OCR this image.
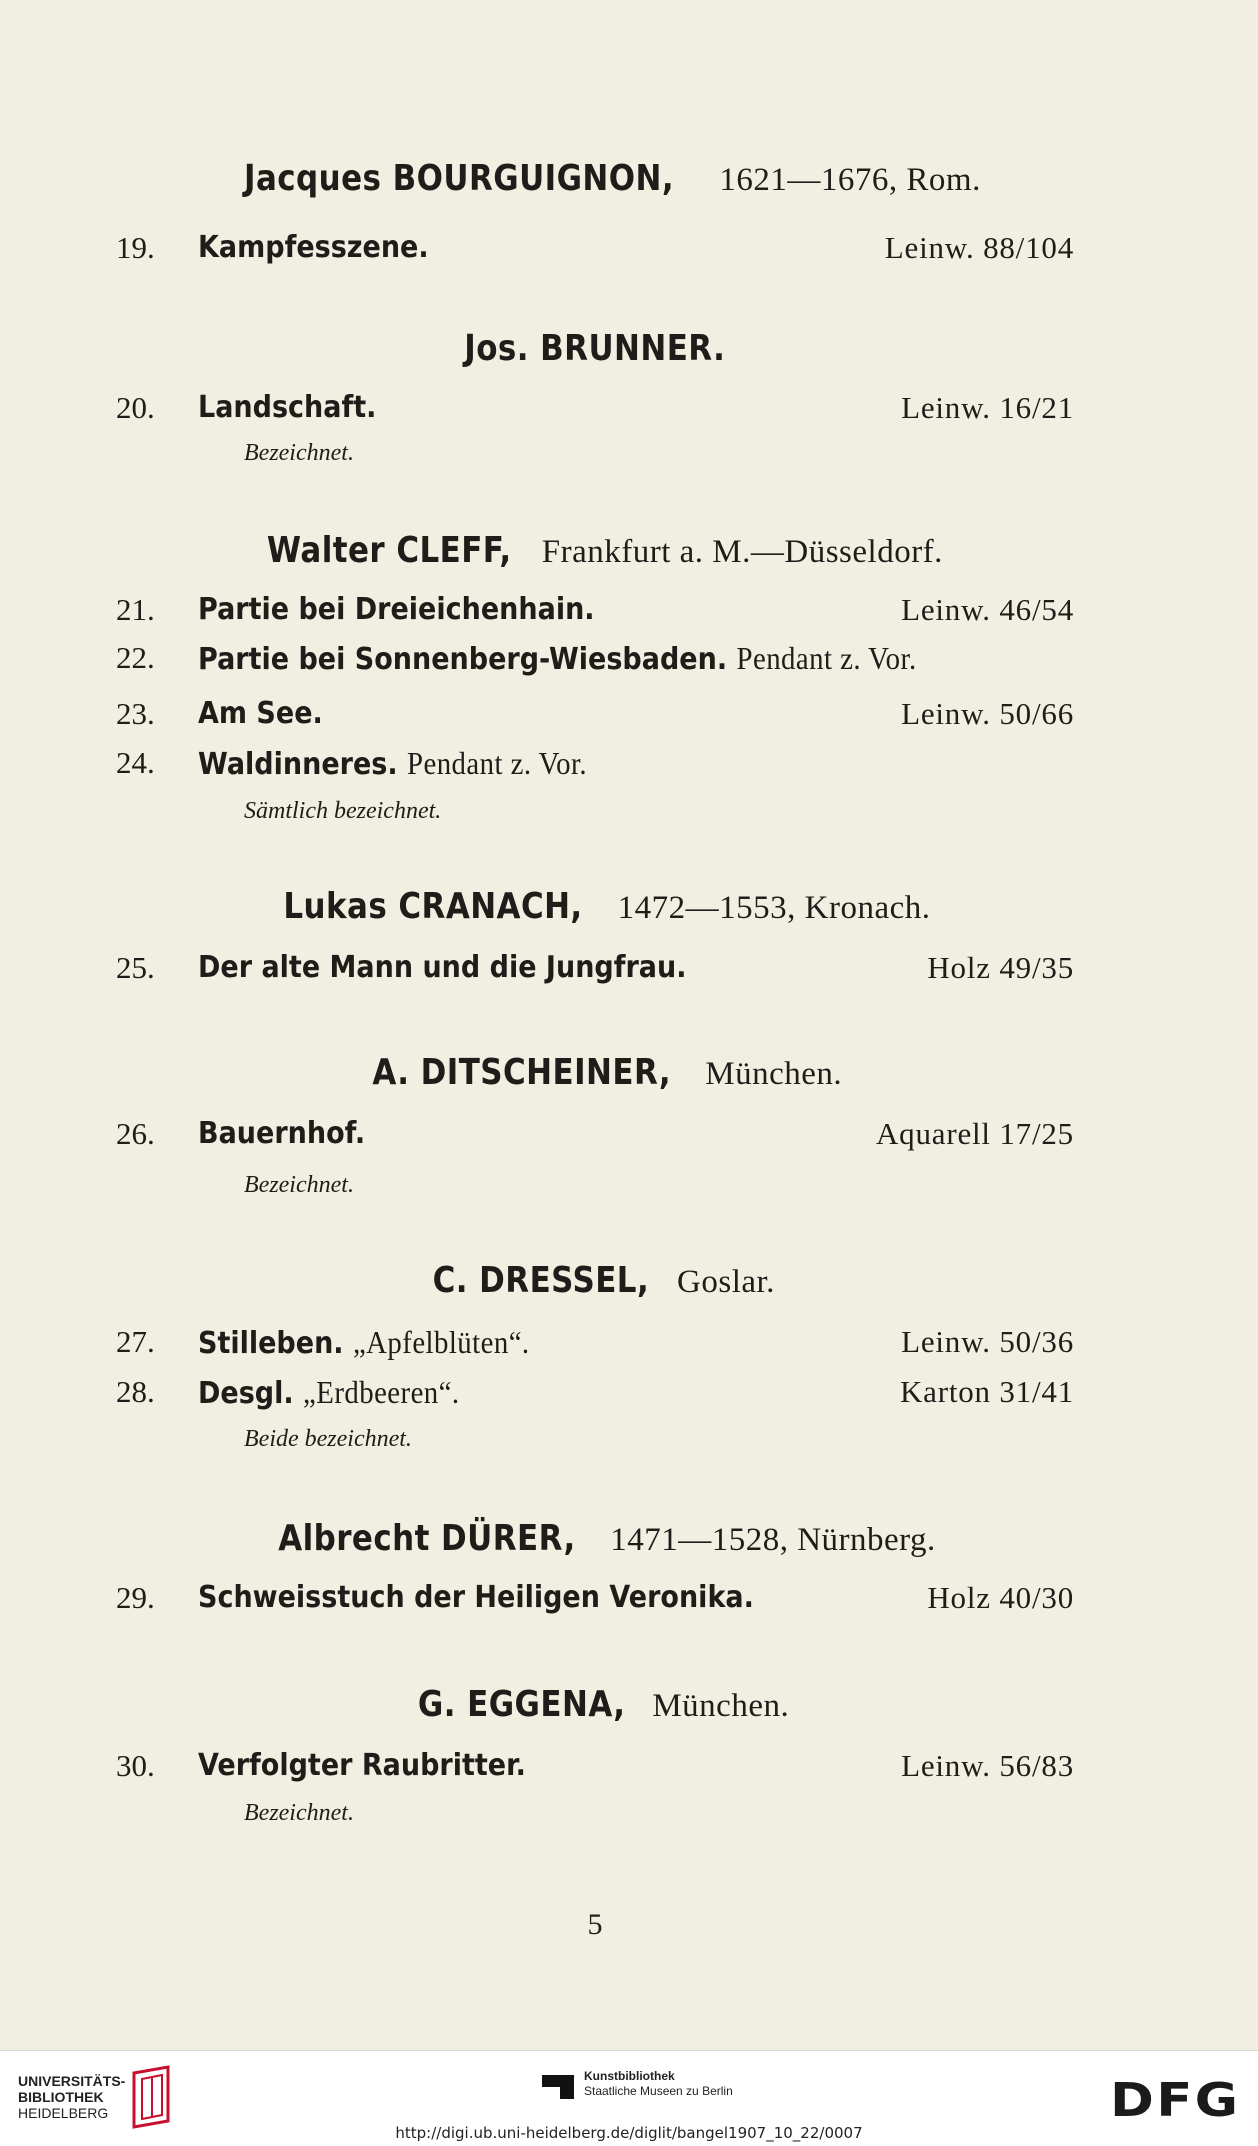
Jacques BOURGUIGNON, 1621—1676, Rom.
19. Kampfesszene.	Leinw. 88/104
Jos. BRUNNER.
20. Landschaft.	Leinw. 16/21
Bezeichnet.
Walter CLEFF, Frankfurt a. M.—Düsseldorf.
21. Partie bei Dreieichenhain.	Leinw. 46/54
22. Partie bei Sonnenberg-Wiesbaden. Pendant z. Vor.
23. Am See.	Leinw. 50/66
24. Waldinneres. Pendant z. Vor.
Sämtlich bezeichnet.
Lukas CRANACH, 1472—1553, Kronach.
25. Der alte Mann und die Jungfrau.	Holz 49/35
A. DITSCHEINER, München.
26. Bauernhof.	Aquarell 17/25
Bezeichnet.
C. DRESSEL, Goslar.
27. Stilleben. „Apfelblüten“.	Leinw. 50/36
28. Desgl. „Erdbeeren“.	Karton 31/41
Beide bezeichnet.
Albrecht DÜRER, 1471—1528, Nürnberg.
29. Schweisstuch der Heiligen Veronika.	Holz 40/30
G. EGGENA, München.
30. Verfolgter Raubritter.	Leinw. 56/83
Bezeichnet.
5
UNIVERSITÄTS-
BIBLIOTHEK
HEIDELBERG
Kunstbibliothek
Staatliche Museen zu Berlin	DFG
http://digi.ub.uni-heidelberg.de/diglit/bangel1907_10_22/0007
